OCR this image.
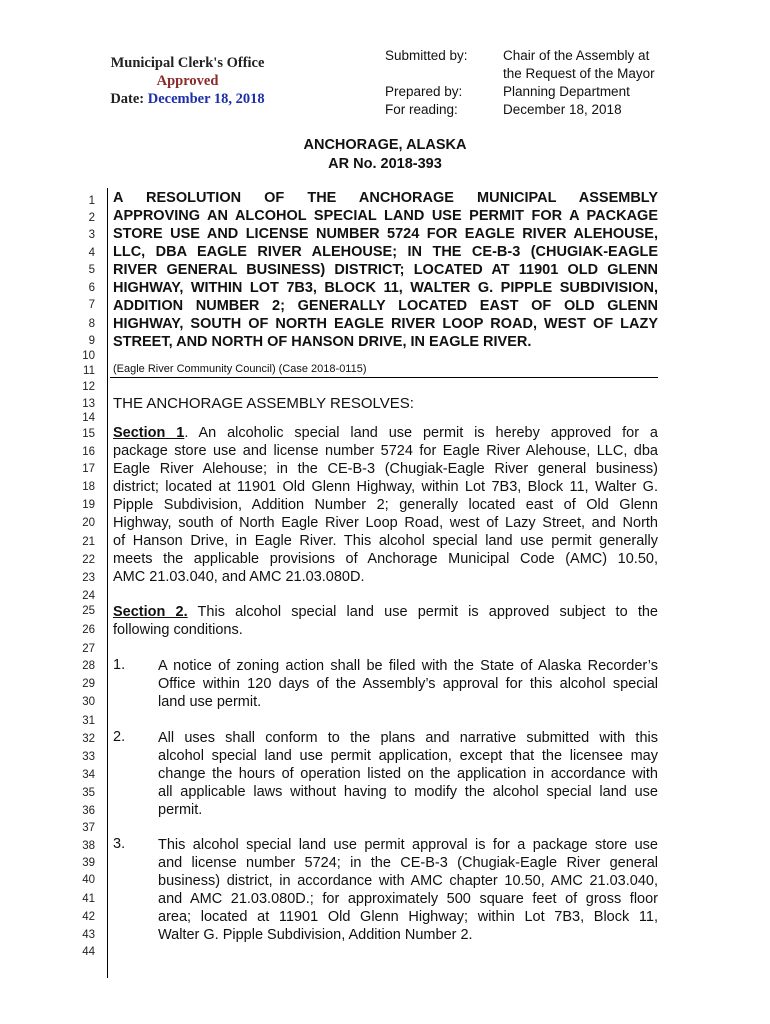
Municipal Clerk's Office
Approved
Date: December 18, 2018
Submitted by:	Chair of the Assembly at
the Request of the Mayor
Prepared by:	Planning Department
For reading:	December 18, 2018
ANCHORAGE, ALASKA
AR No. 2018-393
1
2
3
4
5
6
7
8
9
10
11
12
13
14
15
16
17
18
19
20
21
22
23
24
25
26
27
28
29
30
31
32
33
34
35
36
37
38
39
40
41
42
43
44
A RESOLUTION OF THE ANCHORAGE MUNICIPAL ASSEMBLY
APPROVING AN ALCOHOL SPECIAL LAND USE PERMIT FOR A PACKAGE
STORE USE AND LICENSE NUMBER 5724 FOR EAGLE RIVER ALEHOUSE,
LLC, DBA EAGLE RIVER ALEHOUSE; IN THE CE-B-3 (CHUGIAK-EAGLE
RIVER GENERAL BUSINESS) DISTRICT; LOCATED AT 11901 OLD GLENN
HIGHWAY, WITHIN LOT 7B3, BLOCK 11, WALTER G. PIPPLE SUBDIVISION,
ADDITION NUMBER 2; GENERALLY LOCATED EAST OF OLD GLENN
HIGHWAY, SOUTH OF NORTH EAGLE RIVER LOOP ROAD, WEST OF LAZY
STREET, AND NORTH OF HANSON DRIVE, IN EAGLE RIVER.
(Eagle River Community Council) (Case 2018-0115)
THE ANCHORAGE ASSEMBLY RESOLVES:
Section 1. An alcoholic special land use permit is hereby approved for a
package store use and license number 5724 for Eagle River Alehouse, LLC, dba
Eagle River Alehouse; in the CE-B-3 (Chugiak-Eagle River general business)
district; located at 11901 Old Glenn Highway, within Lot 7B3, Block 11, Walter G.
Pipple Subdivision, Addition Number 2; generally located east of Old Glenn
Highway, south of North Eagle River Loop Road, west of Lazy Street, and North
of Hanson Drive, in Eagle River. This alcohol special land use permit generally
meets the applicable provisions of Anchorage Municipal Code (AMC) 10.50,
AMC 21.03.040, and AMC 21.03.080D.
Section 2. This alcohol special land use permit is approved subject to the
following conditions.
1. A notice of zoning action shall be filed with the State of Alaska Recorder’s
Office within 120 days of the Assembly’s approval for this alcohol special
land use permit.
2. All uses shall conform to the plans and narrative submitted with this
alcohol special land use permit application, except that the licensee may
change the hours of operation listed on the application in accordance with
all applicable laws without having to modify the alcohol special land use
permit.
3. This alcohol special land use permit approval is for a package store use
and license number 5724; in the CE-B-3 (Chugiak-Eagle River general
business) district, in accordance with AMC chapter 10.50, AMC 21.03.040,
and AMC 21.03.080D.; for approximately 500 square feet of gross floor
area; located at 11901 Old Glenn Highway; within Lot 7B3, Block 11,
Walter G. Pipple Subdivision, Addition Number 2.
